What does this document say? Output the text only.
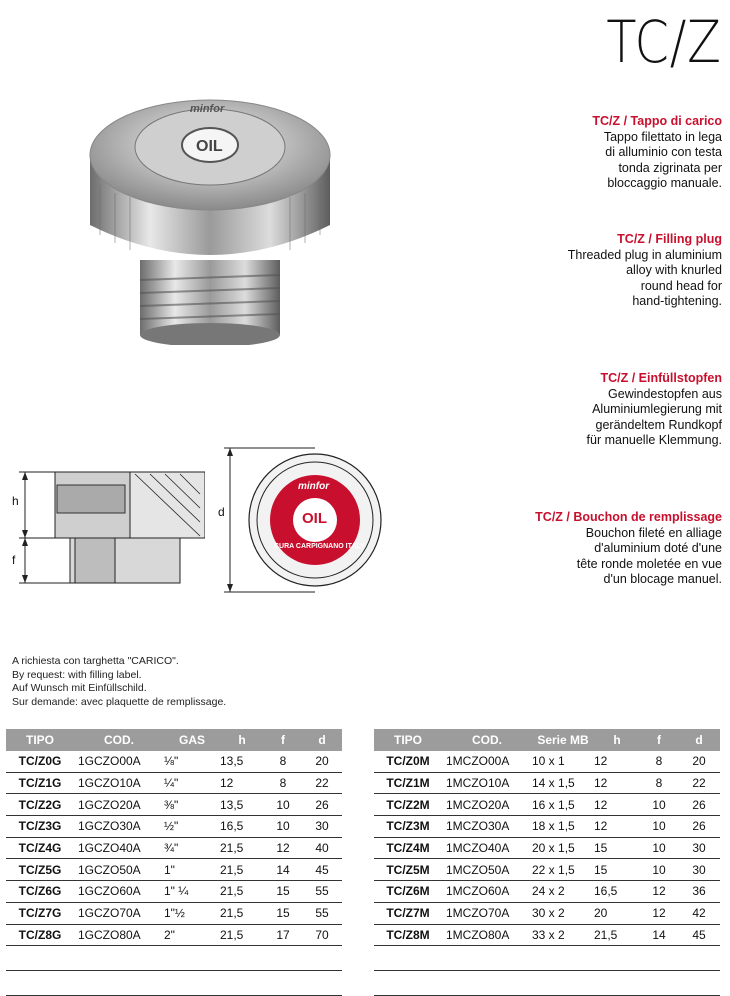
TC/Z
OIL
minfor
h
f
d	OIL
minfor
CURA CARPIGNANO ITALY
TC/Z / Tappo di carico
Tappo filettato in lega
di alluminio con testa
tonda zigrinata per
bloccaggio manuale.
TC/Z / Filling plug
Threaded plug in aluminium
alloy with knurled
round head for
hand-tightening.
TC/Z / Einfüllstopfen
Gewindestopfen aus
Aluminiumlegierung mit
gerändeltem Rundkopf
für manuelle Klemmung.
TC/Z / Bouchon de remplissage
Bouchon fileté en alliage
d'aluminium doté d'une
tête ronde moletée en vue
d'un blocage manuel.
A richiesta con targhetta "CARICO".
By request: with filling label.
Auf Wunsch mit Einfüllschild.
Sur demande: avec plaquette de remplissage.
TIPO	COD.	GAS	h	f	d
TC/Z0G	1GCZO00A	⅛"	13,5	8	20
TC/Z1G	1GCZO10A	¼"	12	8	22
TC/Z2G	1GCZO20A	⅜"	13,5	10	26
TC/Z3G	1GCZO30A	½"	16,5	10	30
TC/Z4G	1GCZO40A	¾"	21,5	12	40
TC/Z5G	1GCZO50A	1"	21,5	14	45
TC/Z6G	1GCZO60A	1" ¼	21,5	15	55
TC/Z7G	1GCZO70A	1"½	21,5	15	55
TC/Z8G	1GCZO80A	2"	21,5	17	70

TIPO	COD.	Serie MB	h	f	d
TC/Z0M	1MCZO00A	10 x 1	12	8	20
TC/Z1M	1MCZO10A	14 x 1,5	12	8	22
TC/Z2M	1MCZO20A	16 x 1,5	12	10	26
TC/Z3M	1MCZO30A	18 x 1,5	12	10	26
TC/Z4M	1MCZO40A	20 x 1,5	15	10	30
TC/Z5M	1MCZO50A	22 x 1,5	15	10	30
TC/Z6M	1MCZO60A	24 x 2	16,5	12	36
TC/Z7M	1MCZO70A	30 x 2	20	12	42
TC/Z8M	1MCZO80A	33 x 2	21,5	14	45
